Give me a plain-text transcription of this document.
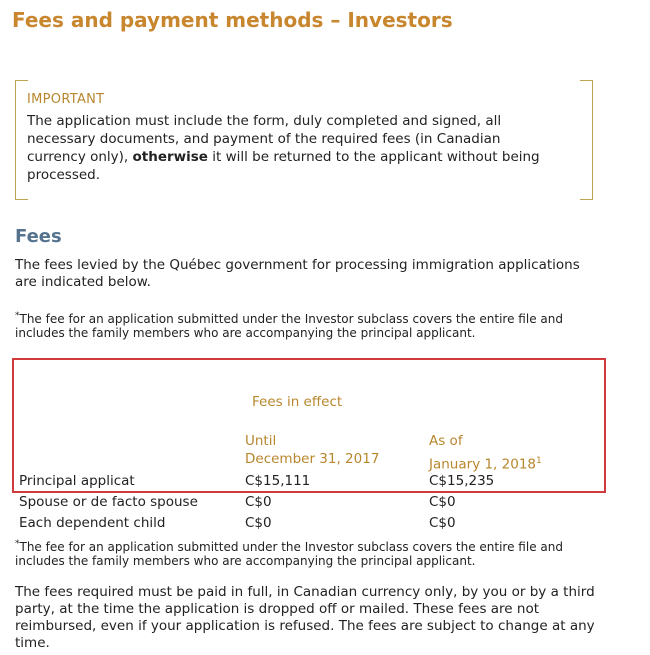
Fees and payment methods – Investors
IMPORTANT
The application must include the form, duly completed and signed, all necessary documents, and payment of the required fees (in Canadian currency only), otherwise it will be returned to the applicant without being processed.
Fees
The fees levied by the Québec government for processing immigration applications are indicated below.
*The fee for an application submitted under the Investor subclass covers the entire file and includes the family members who are accompanying the principal applicant.
Fees in effect
Until
December 31, 2017
As of
January 1, 2018$^1$
Principal applicat	C$15,111	C$15,235
Spouse or de facto spouse	C$0	C$0
Each dependent child	C$0	C$0
*The fee for an application submitted under the Investor subclass covers the entire file and includes the family members who are accompanying the principal applicant.
The fees required must be paid in full, in Canadian currency only, by you or by a third party, at the time the application is dropped off or mailed. These fees are not reimbursed, even if your application is refused. The fees are subject to change at any time.
